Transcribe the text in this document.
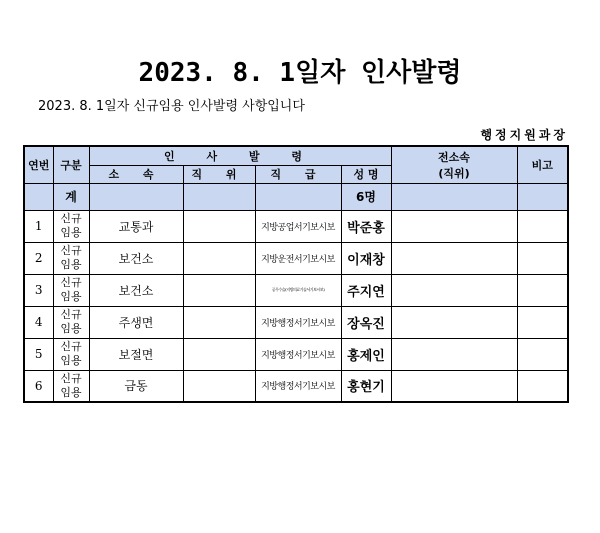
2023. 8. 1일자 인사발령
2023. 8. 1일자 신규임용 인사발령 사항입니다
행정지원과장
연번	구분	인 사 발 령				전소속
(직위)	비고
		소 속	직 위	직 급	성 명		
	계				6명		
1	신규
임용	교통과		지방공업서기보시보	박준홍		
2	신규
임용	보건소		지방운전서기보시보	이재창		
3	신규
임용	보건소		공무수습(지방의료기술서기보시보)	주지연		
4	신규
임용	주생면		지방행정서기보시보	장옥진		
5	신규
임용	보절면		지방행정서기보시보	홍제인		
6	신규
임용	금동		지방행정서기보시보	홍현기		
